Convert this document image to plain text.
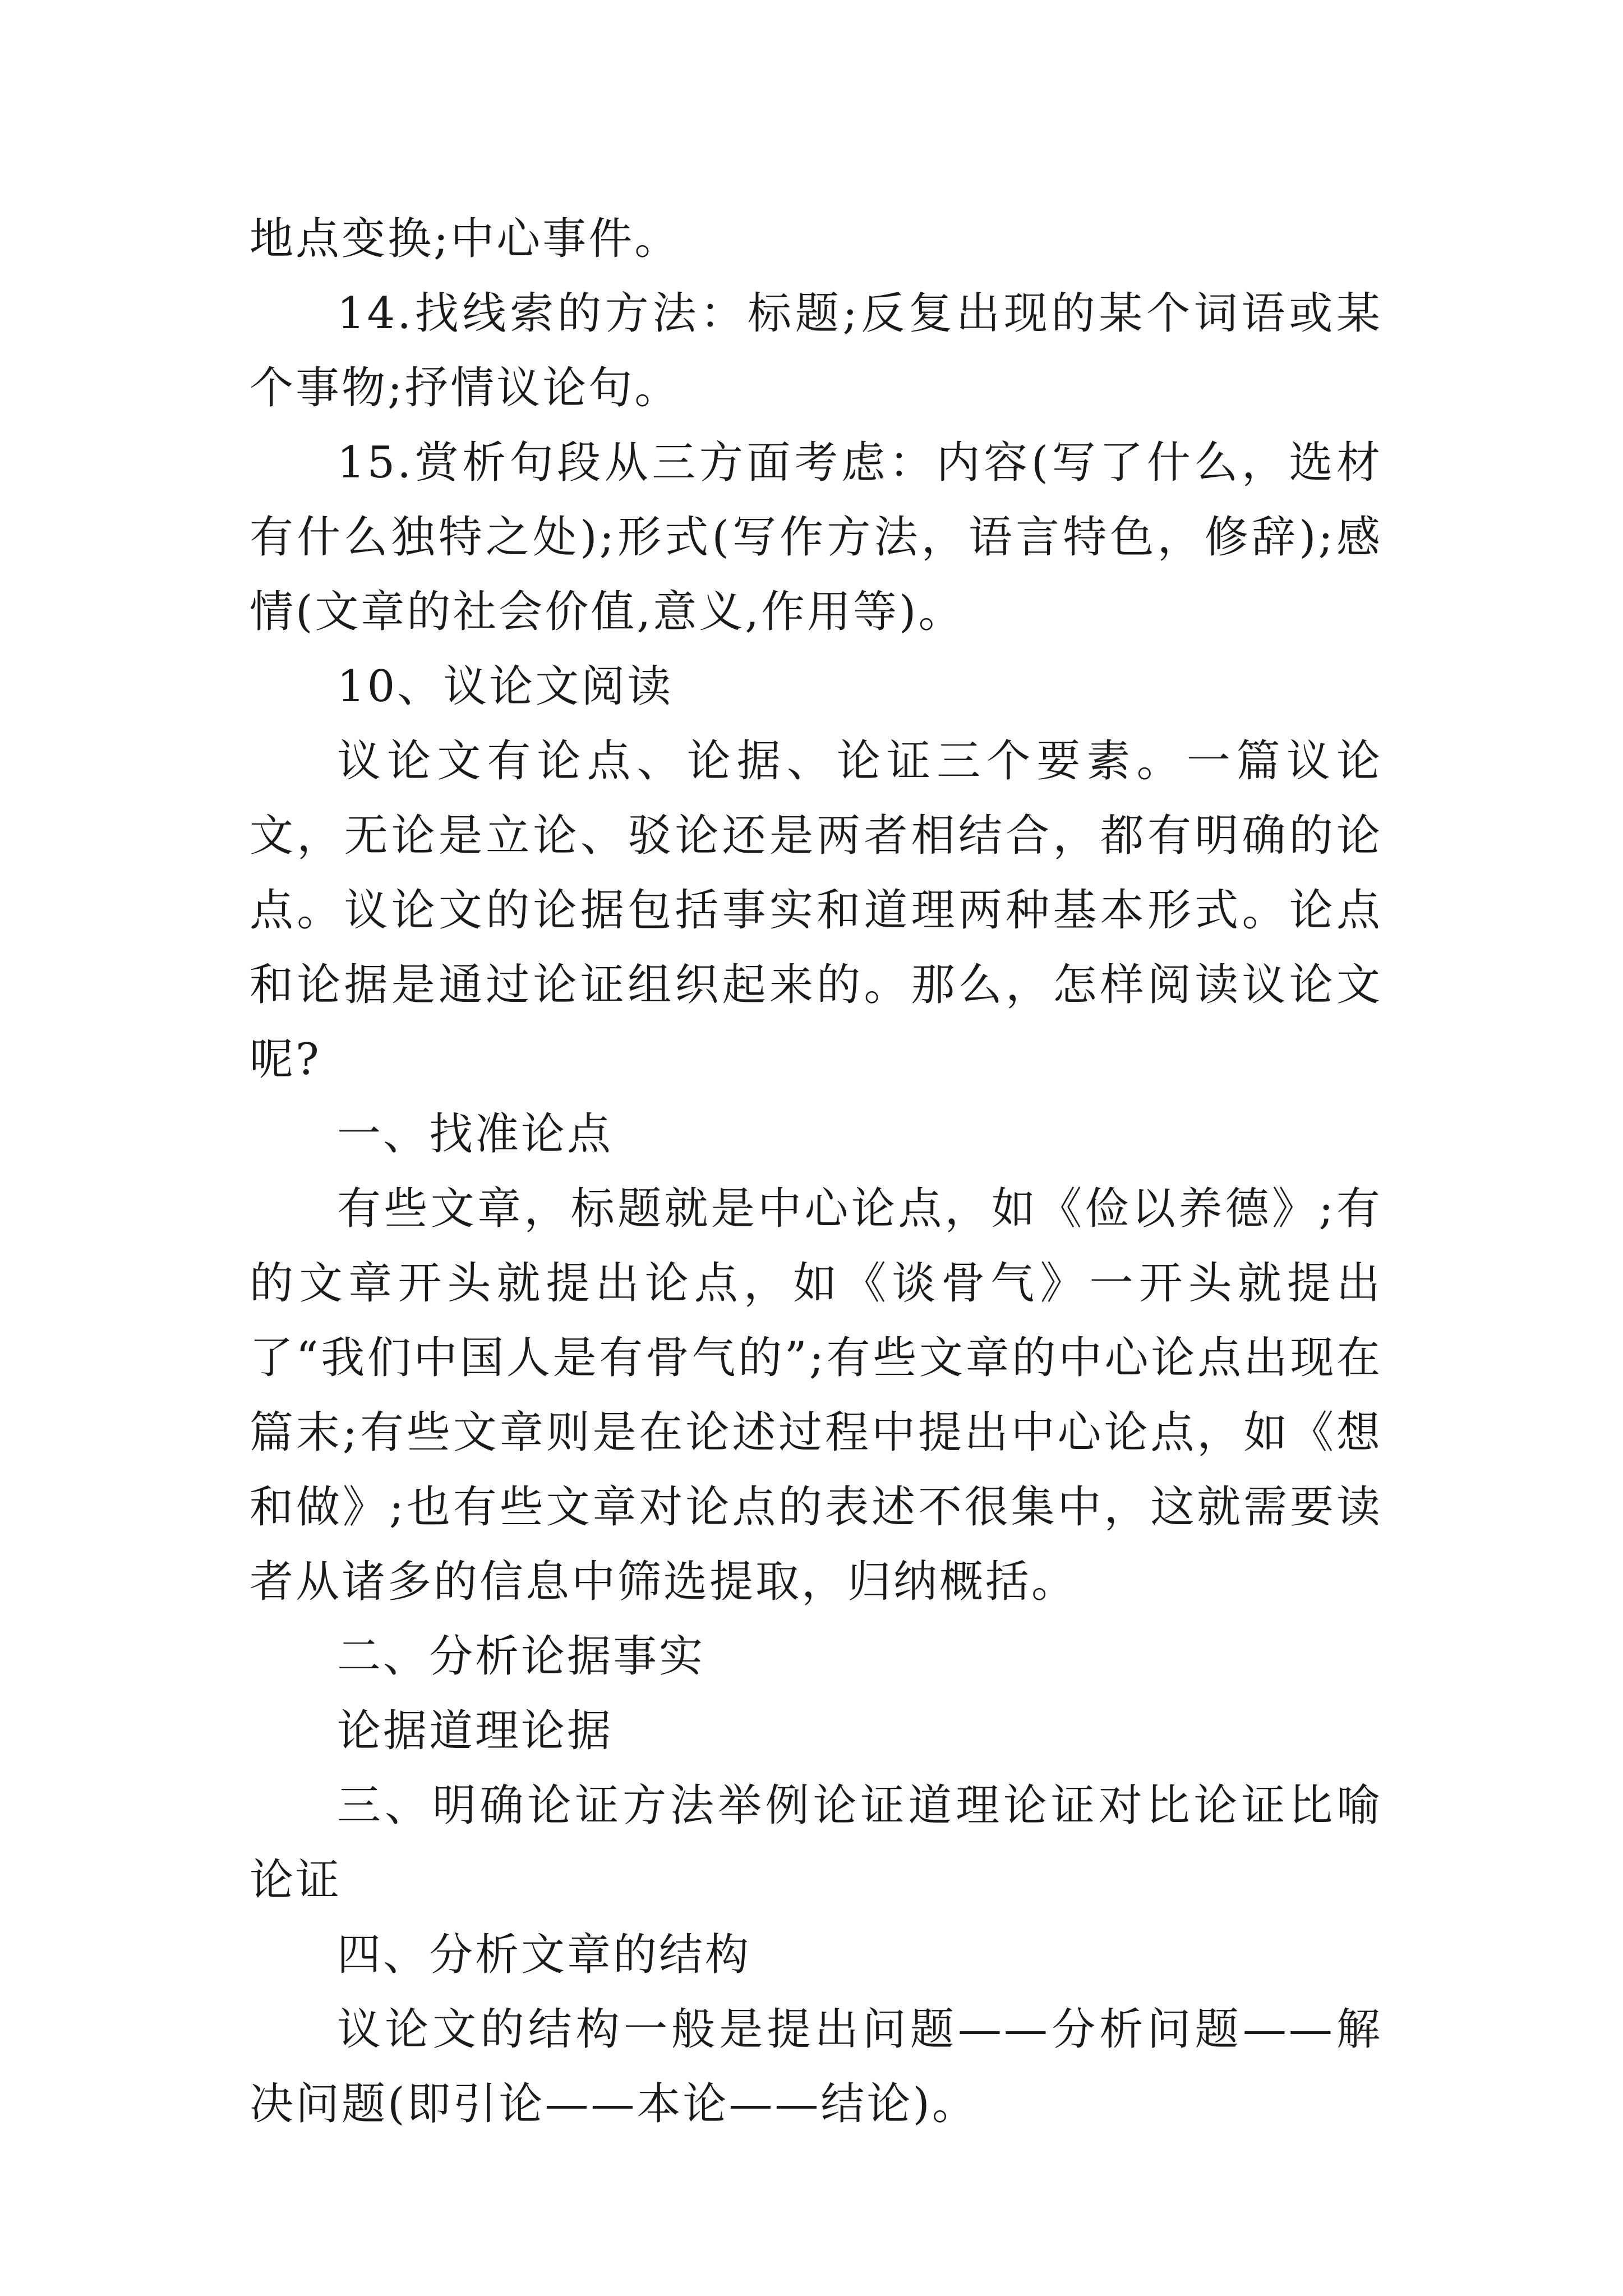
地点变换;中心事件。

14.找线索的方法：标题;反复出现的某个词语或某个事物;抒情议论句。

15.赏析句段从三方面考虑：内容(写了什么，选材有什么独特之处);形式(写作方法，语言特色，修辞);感情(文章的社会价值,意义,作用等)。

10、议论文阅读

议论文有论点、论据、论证三个要素。一篇议论文，无论是立论、驳论还是两者相结合，都有明确的论点。议论文的论据包括事实和道理两种基本形式。论点和论据是通过论证组织起来的。那么，怎样阅读议论文呢?

一、找准论点

有些文章，标题就是中心论点，如《俭以养德》;有的文章开头就提出论点，如《谈骨气》一开头就提出了“我们中国人是有骨气的”;有些文章的中心论点出现在篇末;有些文章则是在论述过程中提出中心论点，如《想和做》;也有些文章对论点的表述不很集中，这就需要读者从诸多的信息中筛选提取，归纳概括。

二、分析论据事实

论据道理论据

三、明确论证方法举例论证道理论证对比论证比喻论证

四、分析文章的结构

议论文的结构一般是提出问题——分析问题——解决问题(即引论——本论——结论)。
